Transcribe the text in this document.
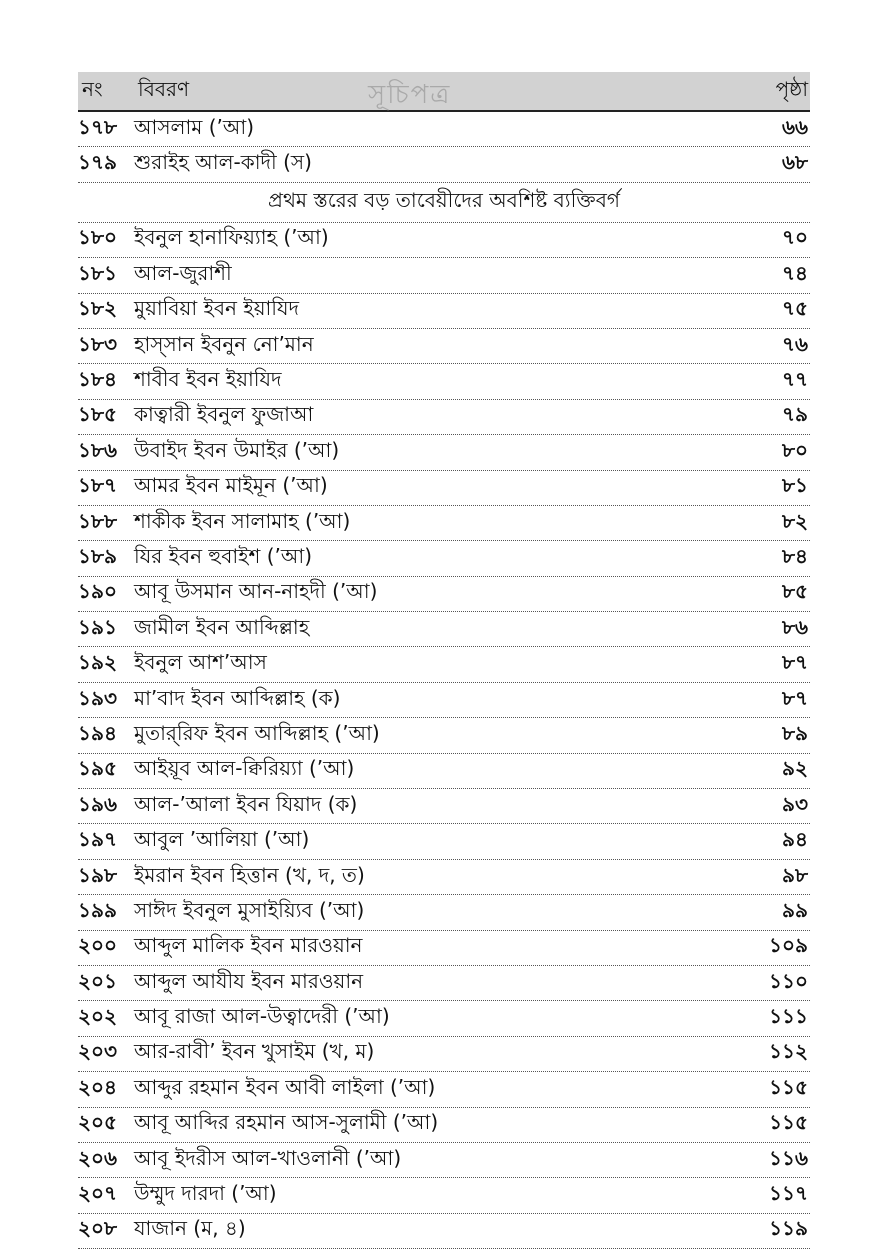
নং	বিবরণ	সূচিপত্র	পৃষ্ঠা
১৭৮ আসলাম (’আ)	৬৬
১৭৯ শুরাইহ আল-কাদী (স)	৬৮
প্রথম স্তরের বড় তাবেয়ীদের অবশিষ্ট ব্যক্তিবর্গ
১৮০ ইবনুল হানাফিয়্যাহ (’আ)	৭০
১৮১ আল-জুরাশী	৭৪
১৮২ মুয়াবিয়া ইবন ইয়াযিদ	৭৫
১৮৩ হাস্‌সান ইবনুন নো’মান	৭৬
১৮৪ শাবীব ইবন ইয়াযিদ	৭৭
১৮৫ কাত্বারী ইবনুল ফুজাআ	৭৯
১৮৬ উবাইদ ইবন উমাইর (’আ)	৮০
১৮৭ আমর ইবন মাইমূন (’আ)	৮১
১৮৮ শাকীক ইবন সালামাহ (’আ)	৮২
১৮৯ যির ইবন হুবাইশ (’আ)	৮৪
১৯০ আবূ উসমান আন-নাহদী (’আ)	৮৫
১৯১ জামীল ইবন আব্দিল্লাহ	৮৬
১৯২ ইবনুল আশ’আস	৮৭
১৯৩ মা’বাদ ইবন আব্দিল্লাহ (ক)	৮৭
১৯৪ মুতার্‌রিফ ইবন আব্দিল্লাহ (’আ)	৮৯
১৯৫ আইয়ূব আল-ক্বিরিয়্যা (’আ)	৯২
১৯৬ আল-’আলা ইবন যিয়াদ (ক)	৯৩
১৯৭ আবুল ’আলিয়া (’আ)	৯৪
১৯৮ ইমরান ইবন হিত্তান (খ, দ, ত)	৯৮
১৯৯ সাঈদ ইবনুল মুসাইয়্যিব (’আ)	৯৯
২০০ আব্দুল মালিক ইবন মারওয়ান	১০৯
২০১ আব্দুল আযীয ইবন মারওয়ান	১১০
২০২ আবূ রাজা আল-উত্বাদেরী (’আ)	১১১
২০৩ আর-রাবী’ ইবন খুসাইম (খ, ম)	১১২
২০৪ আব্দুর রহমান ইবন আবী লাইলা (’আ)	১১৫
২০৫ আবূ আব্দির রহমান আস-সুলামী (’আ)	১১৫
২০৬ আবূ ইদরীস আল-খাওলানী (’আ)	১১৬
২০৭ উম্মুদ দারদা (’আ)	১১৭
২০৮ যাজান (ম, ৪)	১১৯
